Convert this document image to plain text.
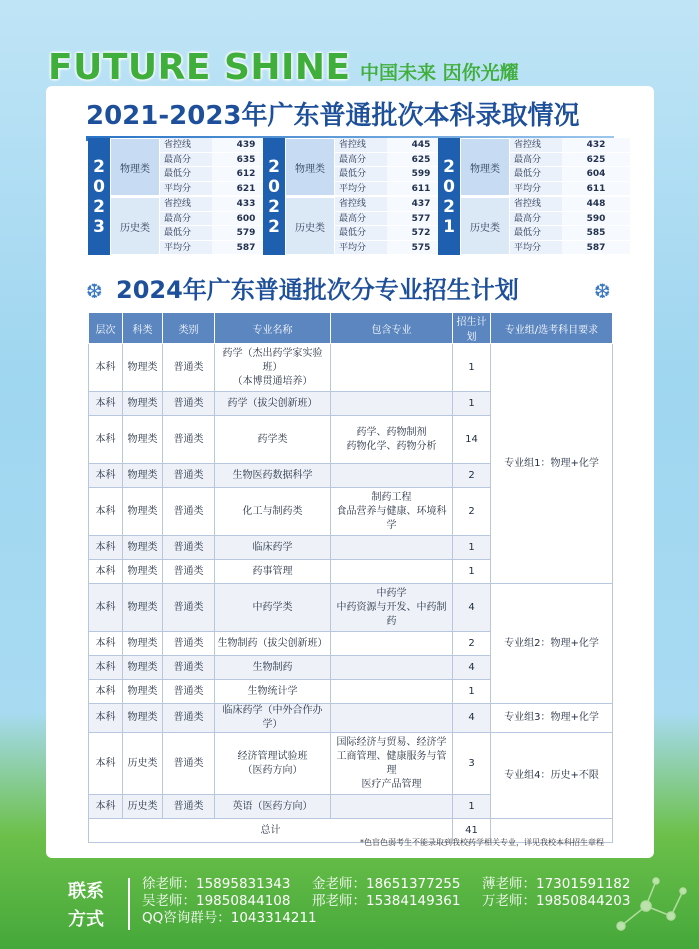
FUTURE SHINE 中国未来 因你光耀
2021-2023年广东普通批次本科录取情况
2
0
2
3
物理类
省控线	439
最高分	635
最低分	612
平均分	621
历史类
省控线	433
最高分	600
最低分	579
平均分	587
2
0
2
2
物理类
省控线	445
最高分	625
最低分	599
平均分	611
历史类
省控线	437
最高分	577
最低分	572
平均分	575
2
0
2
1
物理类
省控线	432
最高分	625
最低分	604
平均分	611
历史类
省控线	448
最高分	590
最低分	585
平均分	587
❆ 2024年广东普通批次分专业招生计划	❆
层次	科类	类别	专业名称	包含专业	招生计划	专业组/选考科目要求
本科	物理类	普通类	药学（杰出药学家实验班）
（本博贯通培养）		1	专业组1：物理+化学
本科	物理类	普通类	药学（拔尖创新班）		1	
本科	物理类	普通类	药学类	药学、药物制剂
药物化学、药物分析	14	
本科	物理类	普通类	生物医药数据科学		2	
本科	物理类	普通类	化工与制药类	制药工程
食品营养与健康、环境科学	2	
本科	物理类	普通类	临床药学		1	
本科	物理类	普通类	药事管理		1	
本科	物理类	普通类	中药学类	中药学
中药资源与开发、中药制药	4	专业组2：物理+化学
本科	物理类	普通类	生物制药（拔尖创新班）		2	
本科	物理类	普通类	生物制药		4	
本科	物理类	普通类	生物统计学		1	
本科	物理类	普通类	临床药学（中外合作办学）		4	专业组3：物理+化学
本科	历史类	普通类	经济管理试验班
（医药方向）	国际经济与贸易、经济学
工商管理、健康服务与管理
医疗产品管理	3	专业组4：历史+不限
本科	历史类	普通类	英语（医药方向）		1	
总计					41	
*色盲色弱考生不能录取到我校药学相关专业，详见我校本科招生章程
联系
方式
徐老师：15895831343 金老师：18651377255 薄老师：17301591182
吴老师：19850844108 邢老师：15384149361 万老师：19850844203
QQ咨询群号：1043314211
